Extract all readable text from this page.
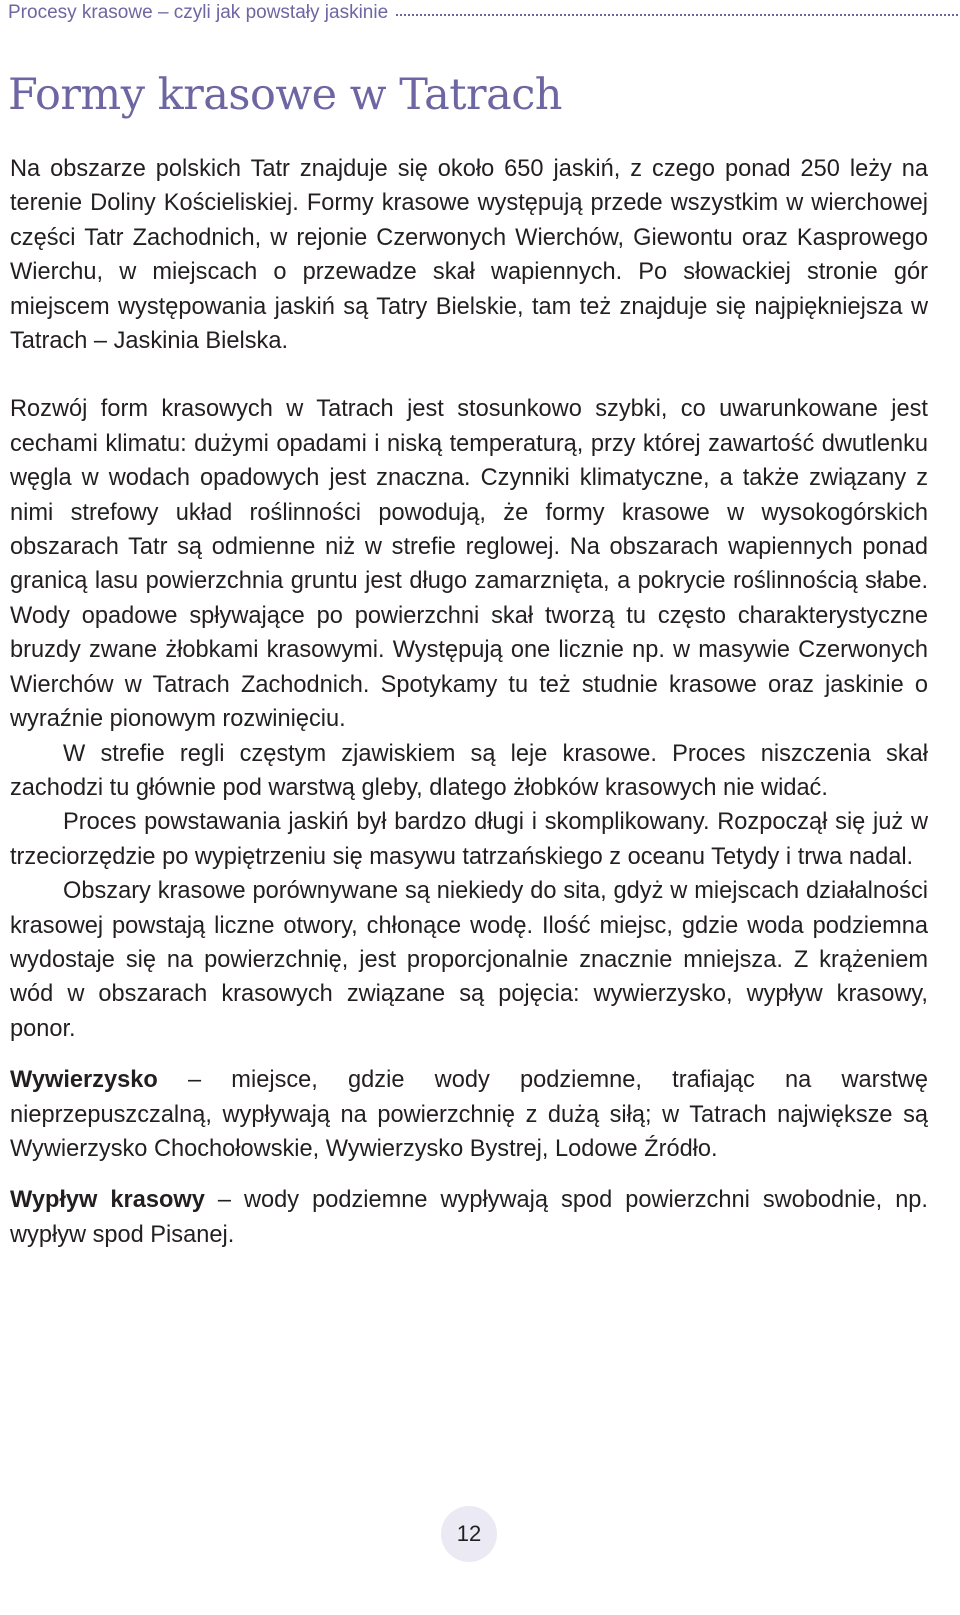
Procesy krasowe – czyli jak powstały jaskinie
Formy krasowe w Tatrach

Na obszarze polskich Tatr znajduje się około 650 jaskiń, z czego ponad 250 leży na terenie Doliny Kościeliskiej. Formy krasowe występują przede wszystkim w wierchowej części Tatr Zachodnich, w rejonie Czerwonych Wierchów, Giewontu oraz Kasprowego Wierchu, w miejscach o przewadze skał wapiennych. Po słowackiej stronie gór miejscem występowania jaskiń są Tatry Bielskie, tam też znajduje się najpiękniejsza w Tatrach – Jaskinia Bielska.

Rozwój form krasowych w Tatrach jest stosunkowo szybki, co uwarunkowane jest cechami klimatu: dużymi opadami i niską temperaturą, przy której zawartość dwutlenku węgla w wodach opadowych jest znaczna. Czynniki klimatyczne, a także związany z nimi strefowy układ roślinności powodują, że formy krasowe w wysokogórskich obszarach Tatr są odmienne niż w strefie reglowej. Na obszarach wapiennych ponad granicą lasu powierzchnia gruntu jest długo zamarznięta, a pokrycie roślinnością słabe. Wody opadowe spływające po powierzchni skał tworzą tu często charakterystyczne bruzdy zwane żłobkami krasowymi. Występują one licznie np. w masywie Czerwonych Wierchów w Tatrach Zachodnich. Spotykamy tu też studnie krasowe oraz jaskinie o wyraźnie pionowym rozwinięciu.

W strefie regli częstym zjawiskiem są leje krasowe. Proces niszczenia skał zachodzi tu głównie pod warstwą gleby, dlatego żłobków krasowych nie widać.

Proces powstawania jaskiń był bardzo długi i skomplikowany. Rozpoczął się już w trzeciorzędzie po wypiętrzeniu się masywu tatrzańskiego z oceanu Tetydy i trwa nadal.

Obszary krasowe porównywane są niekiedy do sita, gdyż w miejscach działalności krasowej powstają liczne otwory, chłonące wodę. Ilość miejsc, gdzie woda podziemna wydostaje się na powierzchnię, jest proporcjonalnie znacznie mniejsza. Z krążeniem wód w obszarach krasowych związane są pojęcia: wywierzysko, wypływ krasowy, ponor.

Wywierzysko – miejsce, gdzie wody podziemne, trafiając na warstwę nieprzepuszczalną, wypływają na powierzchnię z dużą siłą; w Tatrach największe są Wywierzysko Chochołowskie, Wywierzysko Bystrej, Lodowe Źródło.

Wypływ krasowy – wody podziemne wypływają spod powierzchni swobodnie, np. wypływ spod Pisanej.

12
